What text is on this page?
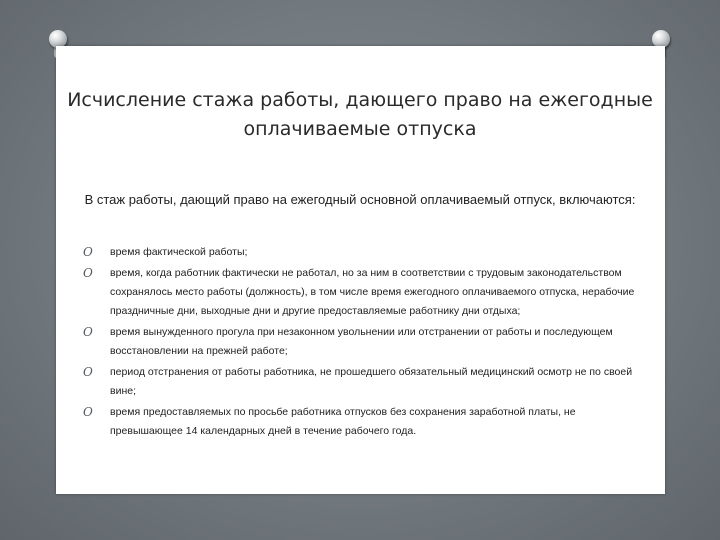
Исчисление стажа работы, дающего право на ежегодные оплачиваемые отпуска

В стаж работы, дающий право на ежегодный основной оплачиваемый отпуск, включаются:

O время фактической работы;
O время, когда работник фактически не работал, но за ним в соответствии с трудовым законодательством сохранялось место работы (должность), в том числе время ежегодного оплачиваемого отпуска, нерабочие праздничные дни, выходные дни и другие предоставляемые работнику дни отдыха;
O время вынужденного прогула при незаконном увольнении или отстранении от работы и последующем восстановлении на прежней работе;
O период отстранения от работы работника, не прошедшего обязательный медицинский осмотр не по своей вине;
O время предоставляемых по просьбе работника отпусков без сохранения заработной платы, не превышающее 14 календарных дней в течение рабочего года.
